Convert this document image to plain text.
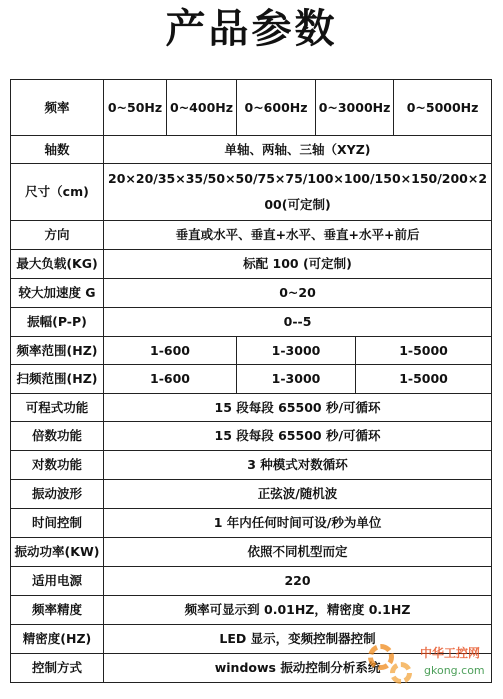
产品参数
频率	0~50Hz	0~400Hz	0~600Hz	0~3000Hz		0~5000Hz
轴数	单轴、两轴、三轴（XYZ)					
尺寸（cm)	20×20/35×35/50×50/75×75/100×100/150×150/200×200(可定制)					
方向	垂直或水平、垂直+水平、垂直+水平+前后					
最大负载(KG)	标配 100 (可定制)					
较大加速度 G	0~20					
振幅(P-P)	0--5					
频率范围(HZ)	1-600		1-3000		1-5000	
扫频范围(HZ)	1-600		1-3000		1-5000	
可程式功能	15 段每段 65500 秒/可循环					
倍数功能	15 段每段 65500 秒/可循环					
对数功能	3 种模式对数循环					
振动波形	正弦波/随机波					
时间控制	1 年内任何时间可设/秒为单位					
振动功率(KW)	依照不同机型而定					
适用电源	220					
频率精度	频率可显示到 0.01HZ，精密度 0.1HZ					
精密度(HZ)	LED 显示，变频控制器控制					
控制方式	windows 振动控制分析系统					
中华工控网
gkong.com
